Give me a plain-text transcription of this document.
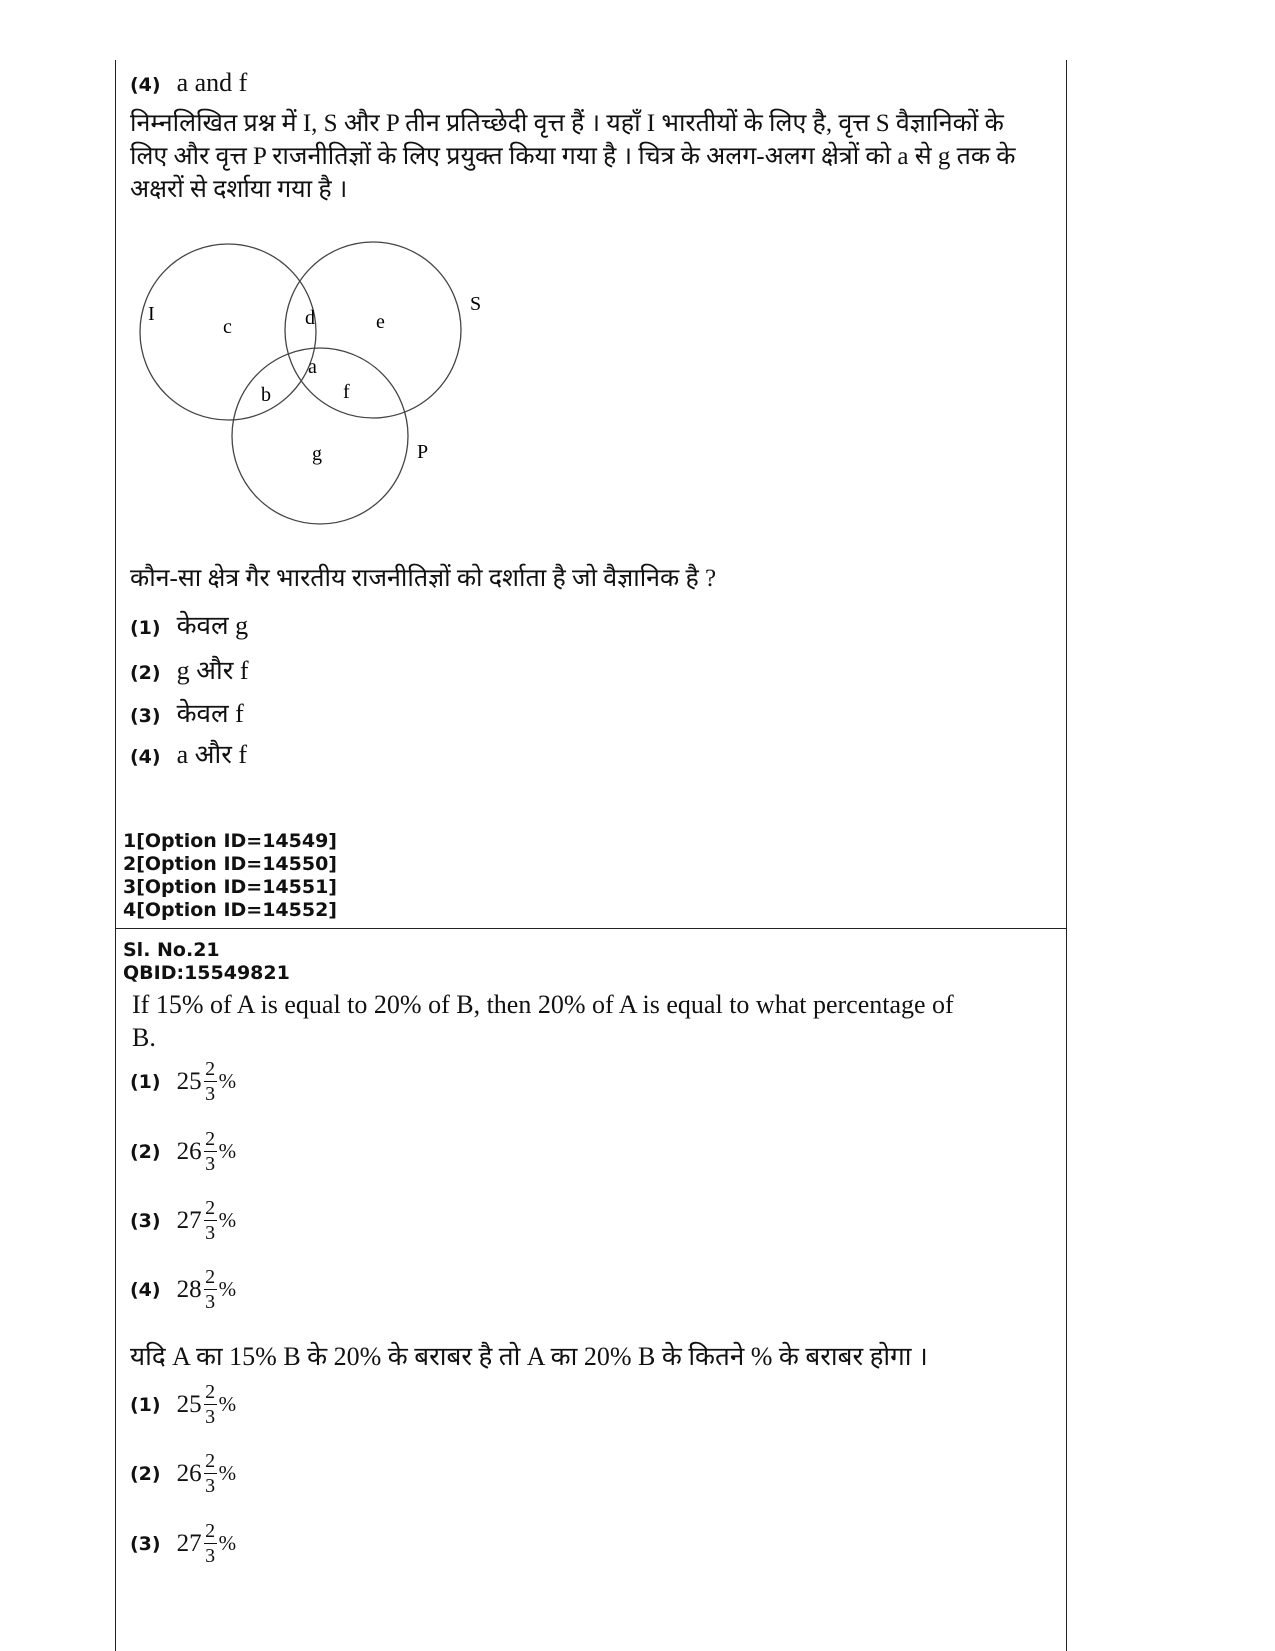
(4) a and f
निम्नलिखित प्रश्न में I, S और P तीन प्रतिच्छेदी वृत्त हैं । यहाँ I भारतीयों के लिए है, वृत्त S वैज्ञानिकों के
लिए और वृत्त P राजनीतिज्ञों के लिए प्रयुक्त किया गया है । चित्र के अलग-अलग क्षेत्रों को a से g तक के
अक्षरों से दर्शाया गया है ।
I	S
P
c	d	e
a
b	f
g
कौन-सा क्षेत्र गैर भारतीय राजनीतिज्ञों को दर्शाता है जो वैज्ञानिक है ?
(1) केवल g
(2) g और f
(3) केवल f
(4) a और f
1[Option ID=14549]
2[Option ID=14550]
3[Option ID=14551]
4[Option ID=14552]
Sl. No.21
QBID:15549821
If 15% of A is equal to 20% of B, then 20% of A is equal to what percentage of
B.
(1) $25 \frac{2}{3}$ %
(2) $26 \frac{2}{3}$ %
(3) $27 \frac{2}{3}$ %
(4) $28 \frac{2}{3}$ %
यदि A का 15% B के 20% के बराबर है तो A का 20% B के कितने % के बराबर होगा ।
(1) $25 \frac{2}{3}$ %
(2) $26 \frac{2}{3}$ %
(3) $27 \frac{2}{3}$ %
